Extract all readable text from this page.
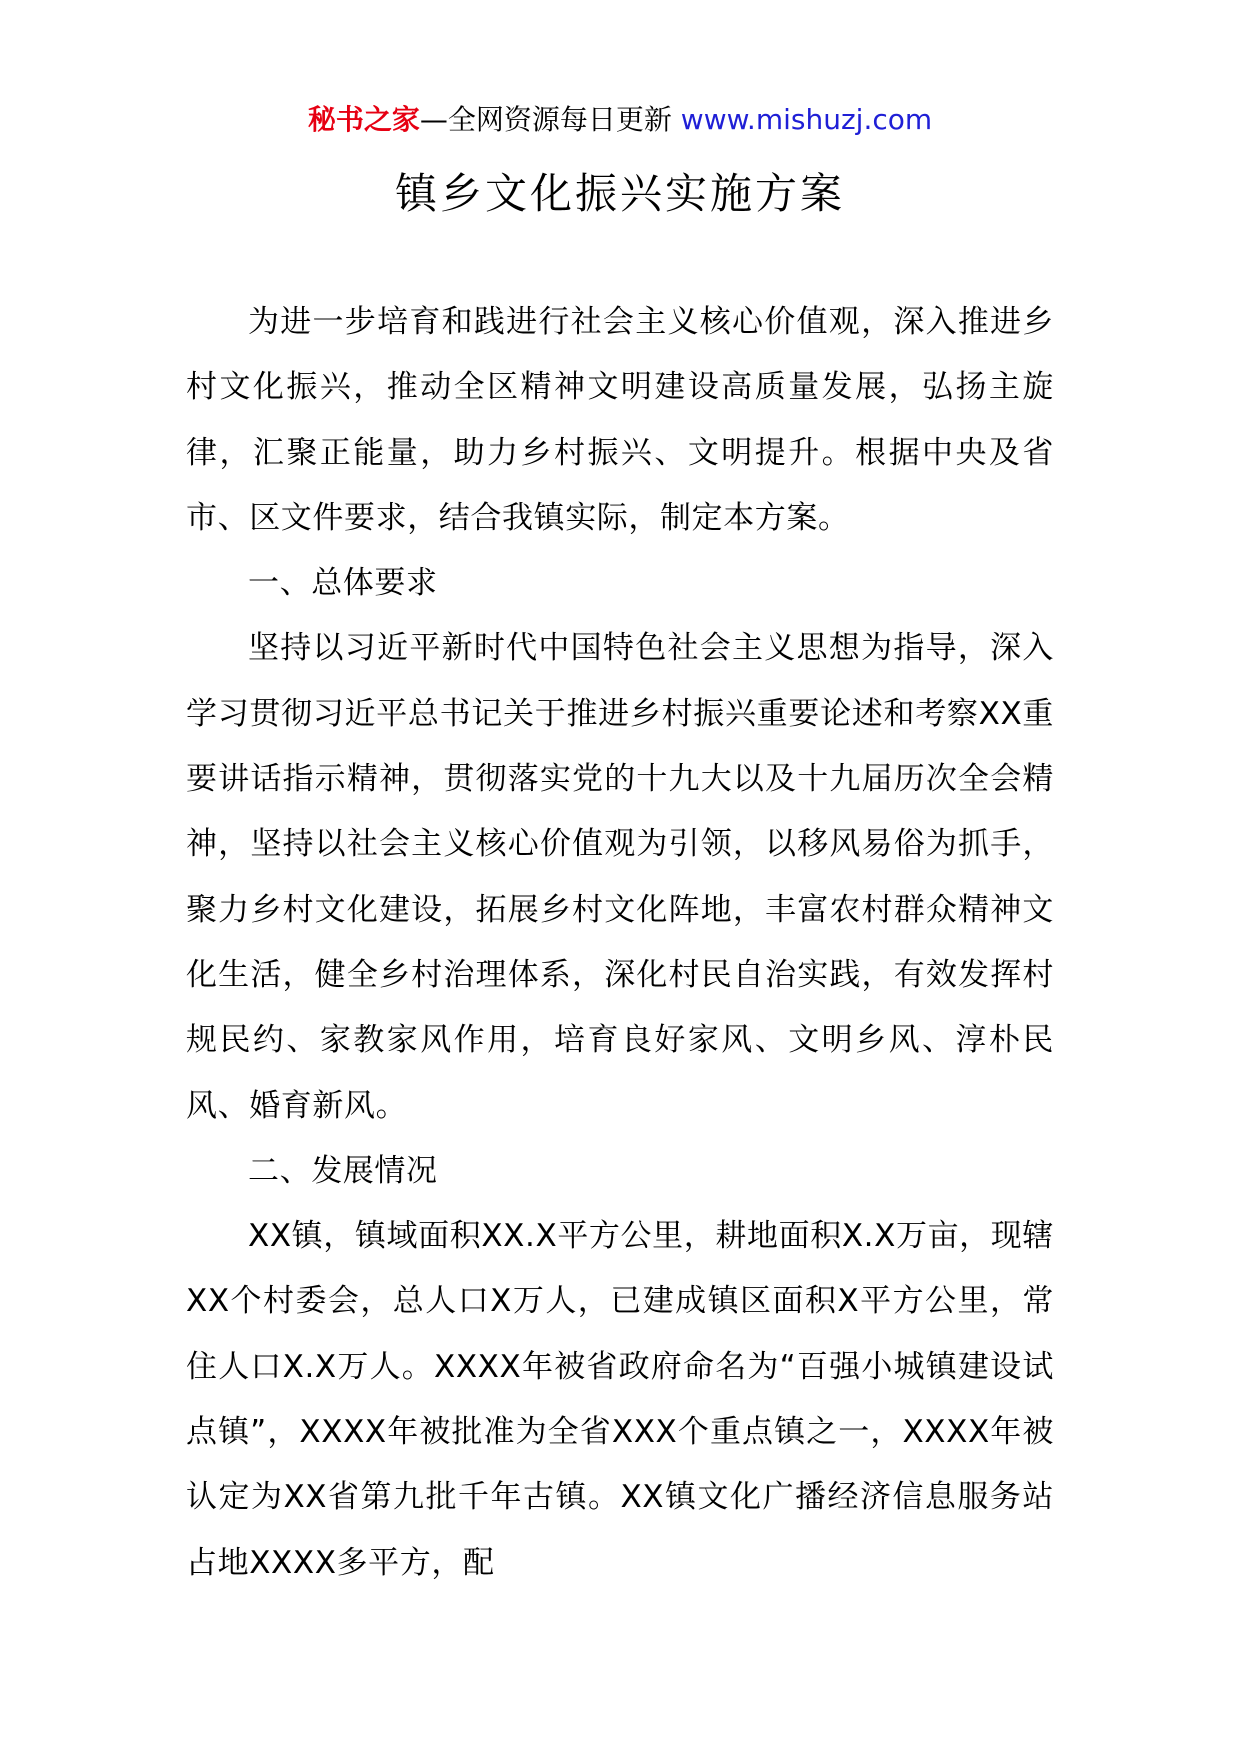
秘书之家—全网资源每日更新 www.mishuzj.com
镇乡文化振兴实施方案

为进一步培育和践进行社会主义核心价值观，深入推进乡村文化振兴，推动全区精神文明建设高质量发展，弘扬主旋律，汇聚正能量，助力乡村振兴、文明提升。根据中央及省市、区文件要求，结合我镇实际，制定本方案。

一、总体要求

坚持以习近平新时代中国特色社会主义思想为指导，深入学习贯彻习近平总书记关于推进乡村振兴重要论述和考察XX重要讲话指示精神，贯彻落实党的十九大以及十九届历次全会精神，坚持以社会主义核心价值观为引领，以移风易俗为抓手，聚力乡村文化建设，拓展乡村文化阵地，丰富农村群众精神文化生活，健全乡村治理体系，深化村民自治实践，有效发挥村规民约、家教家风作用，培育良好家风、文明乡风、淳朴民风、婚育新风。

二、发展情况

XX镇，镇域面积XX.X平方公里，耕地面积X.X万亩，现辖XX个村委会，总人口X万人，已建成镇区面积X平方公里，常住人口X.X万人。XXXX年被省政府命名为“百强小城镇建设试点镇”，XXXX年被批准为全省XXX个重点镇之一，XXXX年被认定为XX省第九批千年古镇。XX镇文化广播经济信息服务站占地XXXX多平方，配
